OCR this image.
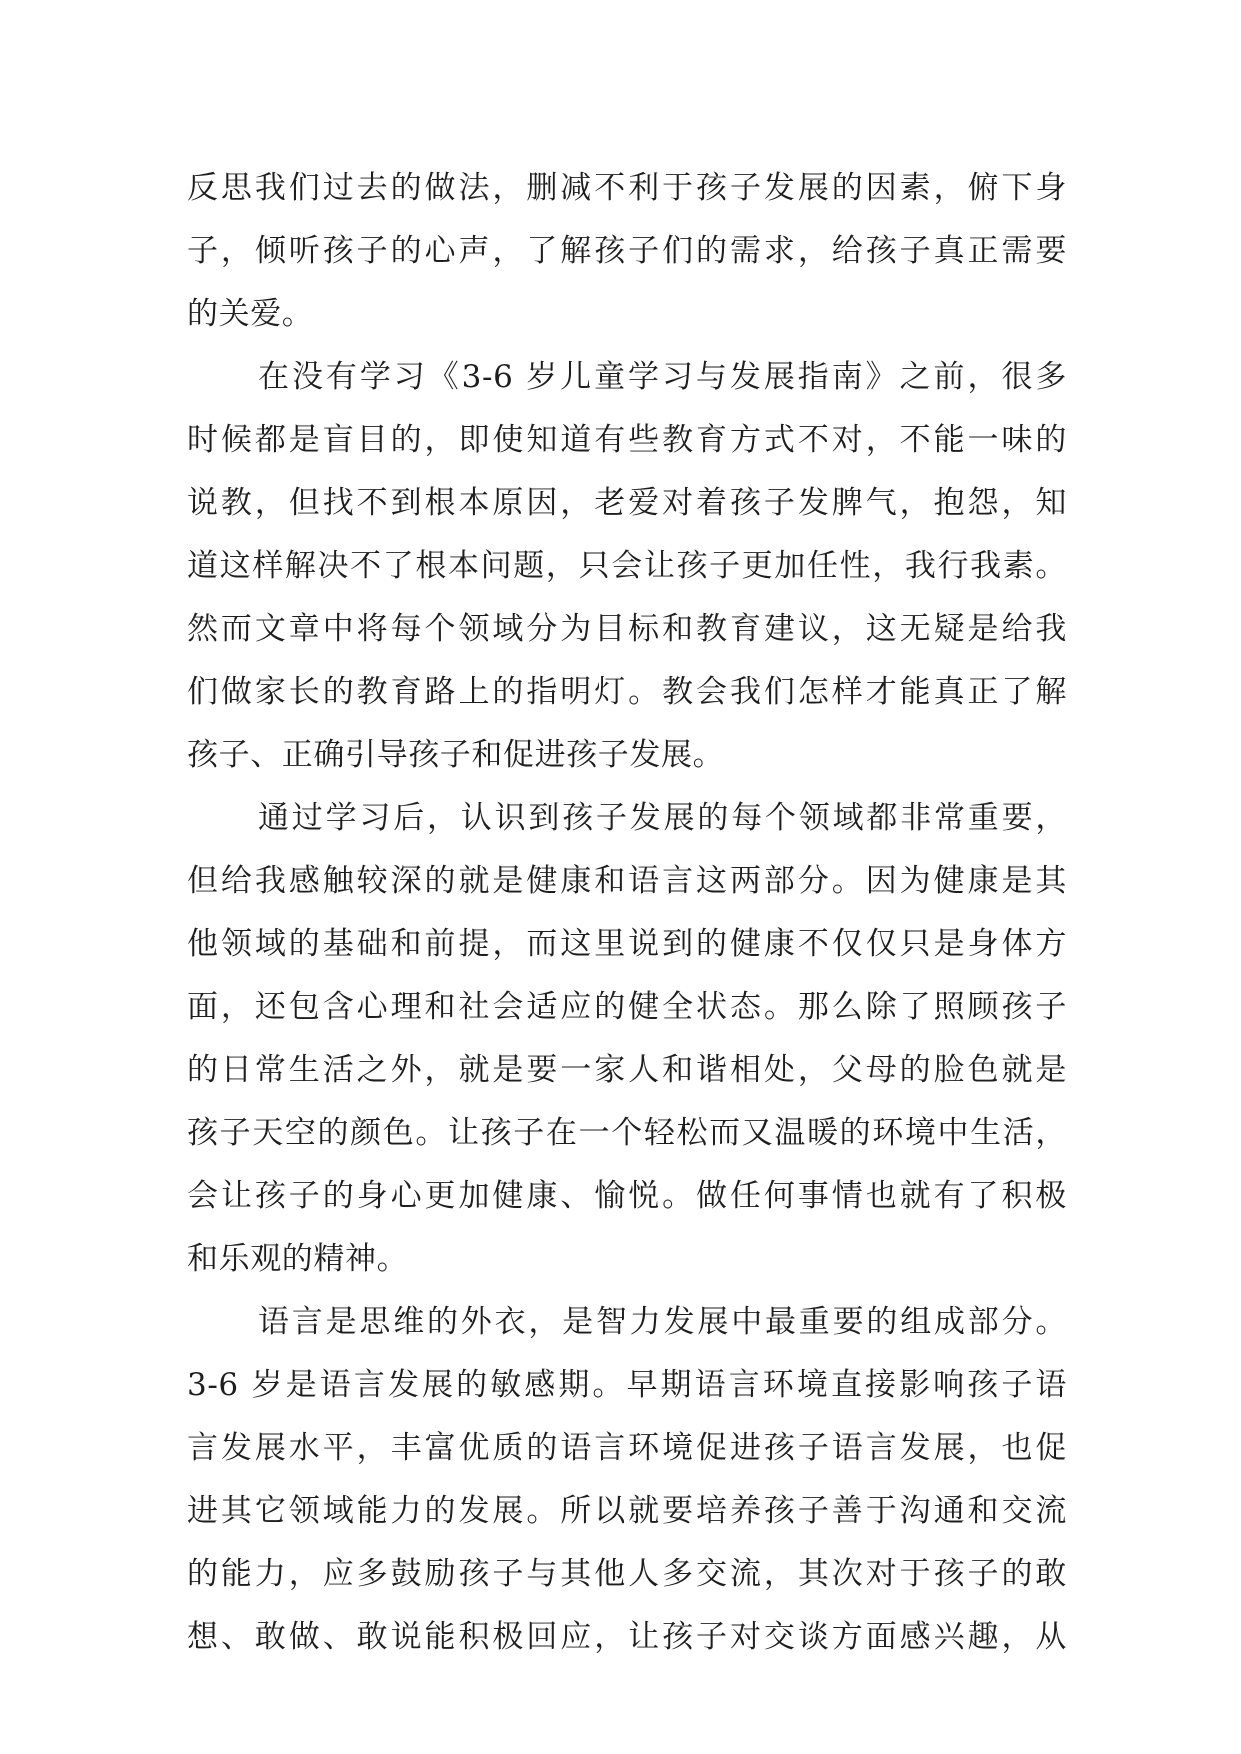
反思我们过去的做法，删减不利于孩子发展的因素，俯下身
子，倾听孩子的心声，了解孩子们的需求，给孩子真正需要
的关爱。
在没有学习《3-6 岁儿童学习与发展指南》之前，很多
时候都是盲目的，即使知道有些教育方式不对，不能一味的
说教，但找不到根本原因，老爱对着孩子发脾气，抱怨，知
道这样解决不了根本问题，只会让孩子更加任性，我行我素。
然而文章中将每个领域分为目标和教育建议，这无疑是给我
们做家长的教育路上的指明灯。教会我们怎样才能真正了解
孩子、正确引导孩子和促进孩子发展。
通过学习后，认识到孩子发展的每个领域都非常重要，
但给我感触较深的就是健康和语言这两部分。因为健康是其
他领域的基础和前提，而这里说到的健康不仅仅只是身体方
面，还包含心理和社会适应的健全状态。那么除了照顾孩子
的日常生活之外，就是要一家人和谐相处，父母的脸色就是
孩子天空的颜色。让孩子在一个轻松而又温暖的环境中生活，
会让孩子的身心更加健康、愉悦。做任何事情也就有了积极
和乐观的精神。
语言是思维的外衣，是智力发展中最重要的组成部分。
3-6 岁是语言发展的敏感期。早期语言环境直接影响孩子语
言发展水平，丰富优质的语言环境促进孩子语言发展，也促
进其它领域能力的发展。所以就要培养孩子善于沟通和交流
的能力，应多鼓励孩子与其他人多交流，其次对于孩子的敢
想、敢做、敢说能积极回应，让孩子对交谈方面感兴趣，从
